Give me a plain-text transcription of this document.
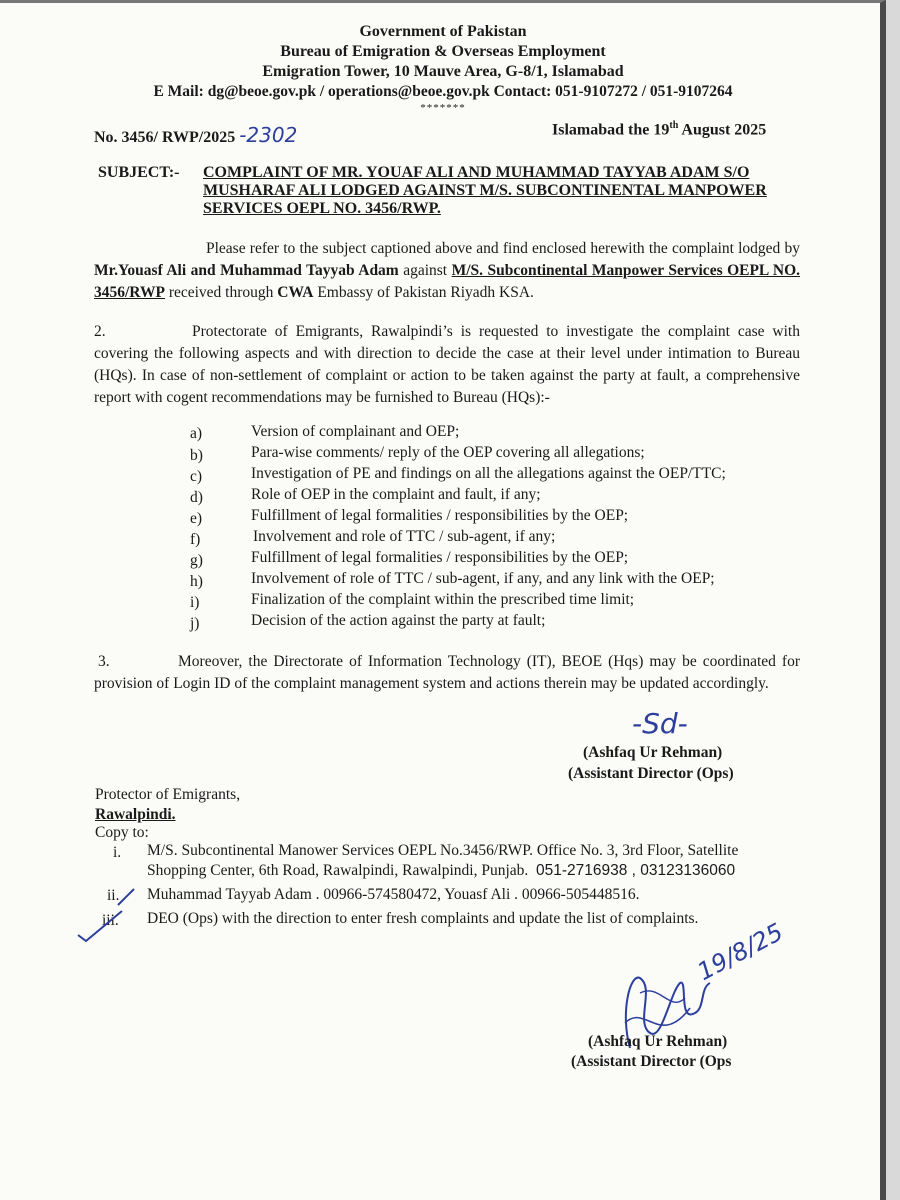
Government of Pakistan
Bureau of Emigration & Overseas Employment
Emigration Tower, 10 Mauve Area, G-8/1, Islamabad
E Mail: dg@beoe.gov.pk / operations@beoe.gov.pk Contact: 051-9107272 / 051-9107264
*******
No. 3456/ RWP/2025 -2302	Islamabad the 19th August 2025
SUBJECT:- COMPLAINT OF MR. YOUAF ALI AND MUHAMMAD TAYYAB ADAM S/O MUSHARAF ALI LODGED AGAINST M/S. SUBCONTINENTAL MANPOWER SERVICES OEPL NO. 3456/RWP.
Please refer to the subject captioned above and find enclosed herewith the complaint lodged by Mr.Youasf Ali and Muhammad Tayyab Adam against M/S. Subcontinental Manpower Services OEPL NO. 3456/RWP received through CWA Embassy of Pakistan Riyadh KSA.
2.	Protectorate of Emigrants, Rawalpindi’s is requested to investigate the complaint case with covering the following aspects and with direction to decide the case at their level under intimation to Bureau (HQs). In case of non-settlement of complaint or action to be taken against the party at fault, a comprehensive report with cogent recommendations may be furnished to Bureau (HQs):-
a)	Version of complainant and OEP;
b)	Para-wise comments/ reply of the OEP covering all allegations;
c)	Investigation of PE and findings on all the allegations against the OEP/TTC;
d)	Role of OEP in the complaint and fault, if any;
e)	Fulfillment of legal formalities / responsibilities by the OEP;
f)	Involvement and role of TTC / sub-agent, if any;
g)	Fulfillment of legal formalities / responsibilities by the OEP;
h)	Involvement of role of TTC / sub-agent, if any, and any link with the OEP;
i)	Finalization of the complaint within the prescribed time limit;
j)	Decision of the action against the party at fault;
3.	Moreover, the Directorate of Information Technology (IT), BEOE (Hqs) may be coordinated for provision of Login ID of the complaint management system and actions therein may be updated accordingly.
-Sd-
(Ashfaq Ur Rehman)
(Assistant Director (Ops)
Protector of Emigrants,
Rawalpindi.
Copy to:
i. M/S. Subcontinental Manower Services OEPL No.3456/RWP. Office No. 3, 3rd Floor, Satellite
Shopping Center, 6th Road, Rawalpindi, Rawalpindi, Punjab. 051-2716938 , 03123136060
ii. Muhammad Tayyab Adam . 00966-574580472, Youasf Ali . 00966-505448516.
iii. DEO (Ops) with the direction to enter fresh complaints and update the list of complaints.
19/8/25
(Ashfaq Ur Rehman)
(Assistant Director (Ops
